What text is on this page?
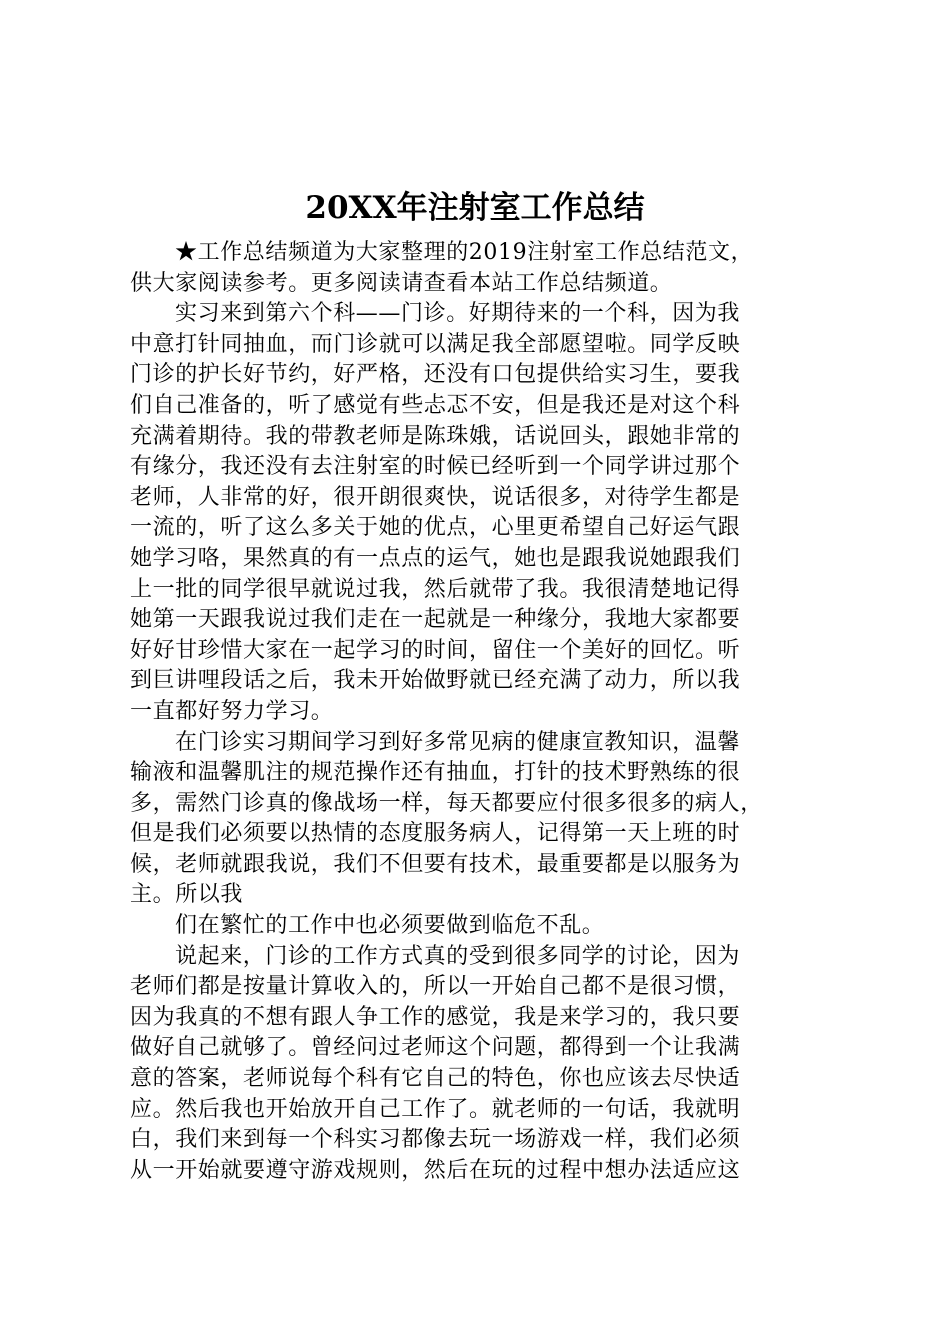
20XX年注射室工作总结
★工作总结频道为大家整理的2019注射室工作总结范文，
供大家阅读参考。更多阅读请查看本站工作总结频道。
实习来到第六个科——门诊。好期待来的一个科，因为我
中意打针同抽血，而门诊就可以满足我全部愿望啦。同学反映
门诊的护长好节约，好严格，还没有口包提供给实习生，要我
们自己准备的，听了感觉有些忐忑不安，但是我还是对这个科
充满着期待。我的带教老师是陈珠娥，话说回头，跟她非常的
有缘分，我还没有去注射室的时候已经听到一个同学讲过那个
老师，人非常的好，很开朗很爽快，说话很多，对待学生都是
一流的，听了这么多关于她的优点，心里更希望自己好运气跟
她学习咯，果然真的有一点点的运气，她也是跟我说她跟我们
上一批的同学很早就说过我，然后就带了我。我很清楚地记得
她第一天跟我说过我们走在一起就是一种缘分，我地大家都要
好好甘珍惜大家在一起学习的时间，留住一个美好的回忆。听
到巨讲哩段话之后，我未开始做野就已经充满了动力，所以我
一直都好努力学习。
在门诊实习期间学习到好多常见病的健康宣教知识，温馨
输液和温馨肌注的规范操作还有抽血，打针的技术野熟练的很
多，需然门诊真的像战场一样，每天都要应付很多很多的病人，
但是我们必须要以热情的态度服务病人，记得第一天上班的时
候，老师就跟我说，我们不但要有技术，最重要都是以服务为
主。所以我
们在繁忙的工作中也必须要做到临危不乱。
说起来，门诊的工作方式真的受到很多同学的讨论，因为
老师们都是按量计算收入的，所以一开始自己都不是很习惯，
因为我真的不想有跟人争工作的感觉，我是来学习的，我只要
做好自己就够了。曾经问过老师这个问题，都得到一个让我满
意的答案，老师说每个科有它自己的特色，你也应该去尽快适
应。然后我也开始放开自己工作了。就老师的一句话，我就明
白，我们来到每一个科实习都像去玩一场游戏一样，我们必须
从一开始就要遵守游戏规则，然后在玩的过程中想办法适应这
